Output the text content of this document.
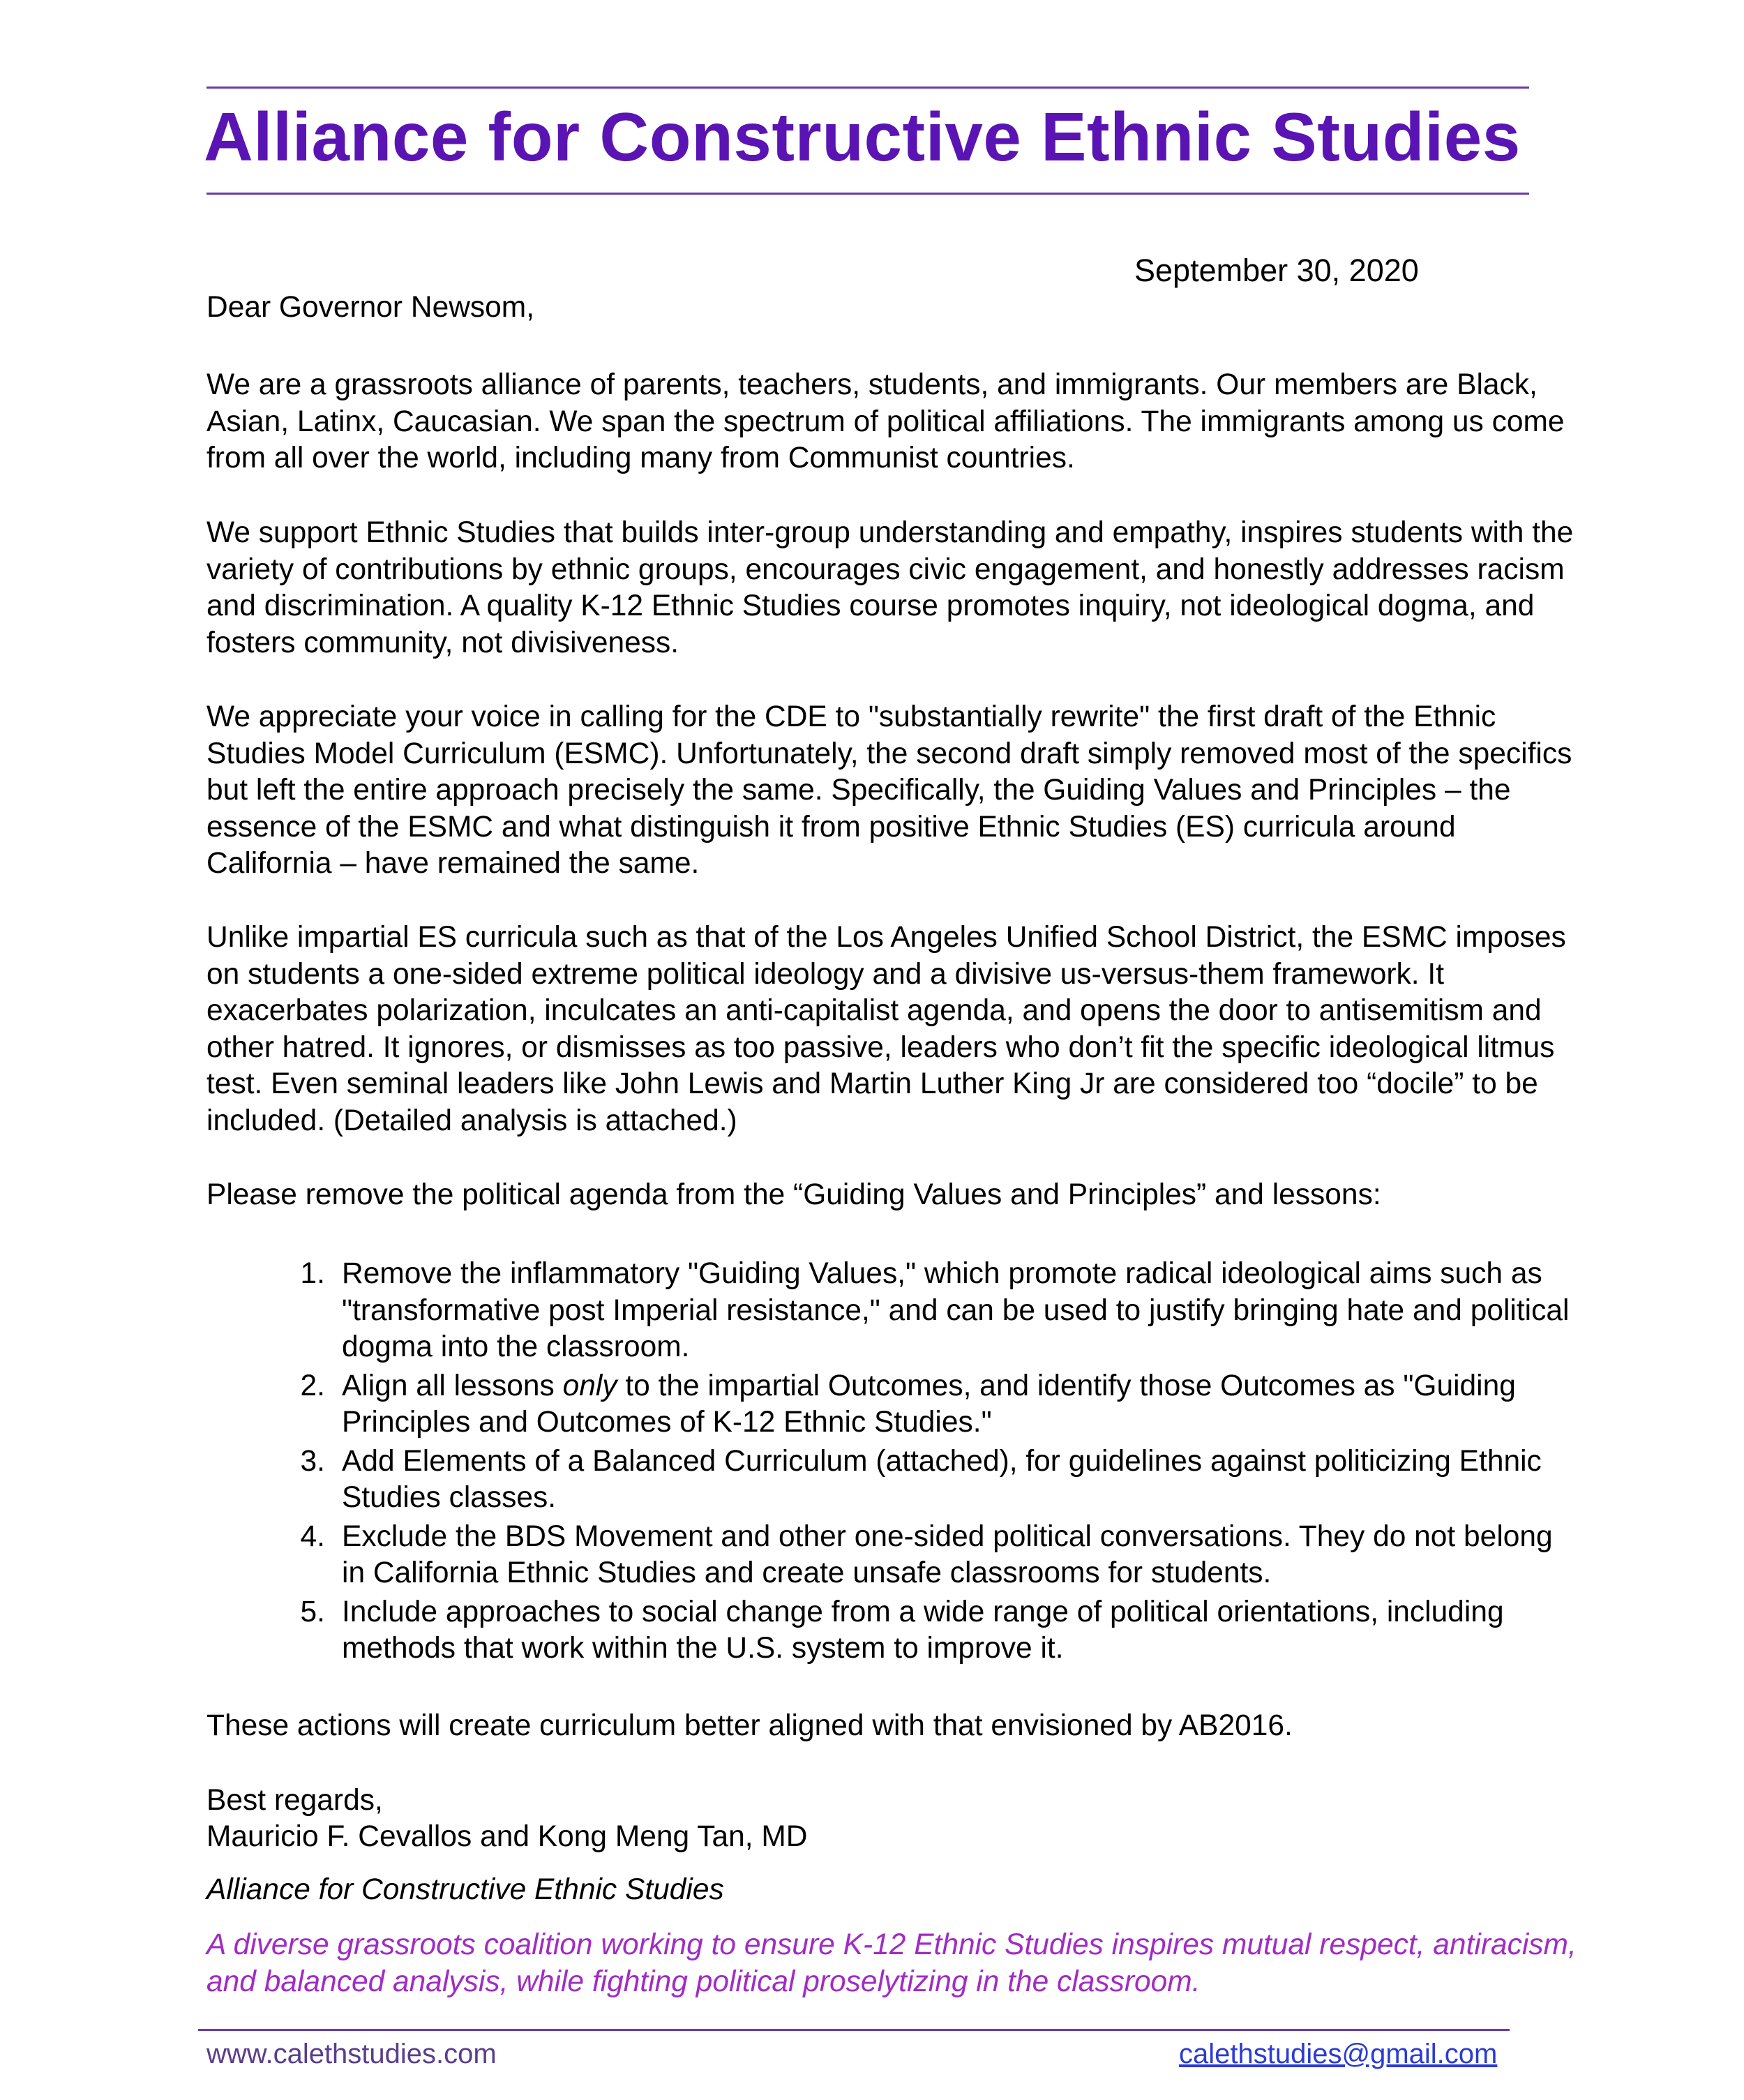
Alliance for Constructive Ethnic Studies
September 30, 2020

Dear Governor Newsom,

We are a grassroots alliance of parents, teachers, students, and immigrants. Our members are Black, Asian, Latinx, Caucasian. We span the spectrum of political affiliations. The immigrants among us come from all over the world, including many from Communist countries.

We support Ethnic Studies that builds inter-group understanding and empathy, inspires students with the variety of contributions by ethnic groups, encourages civic engagement, and honestly addresses racism and discrimination. A quality K-12 Ethnic Studies course promotes inquiry, not ideological dogma, and fosters community, not divisiveness.

We appreciate your voice in calling for the CDE to "substantially rewrite" the first draft of the Ethnic Studies Model Curriculum (ESMC). Unfortunately, the second draft simply removed most of the specifics but left the entire approach precisely the same. Specifically, the Guiding Values and Principles – the essence of the ESMC and what distinguish it from positive Ethnic Studies (ES) curricula around California – have remained the same.

Unlike impartial ES curricula such as that of the Los Angeles Unified School District, the ESMC imposes on students a one-sided extreme political ideology and a divisive us-versus-them framework. It exacerbates polarization, inculcates an anti-capitalist agenda, and opens the door to antisemitism and other hatred. It ignores, or dismisses as too passive, leaders who don’t fit the specific ideological litmus test. Even seminal leaders like John Lewis and Martin Luther King Jr are considered too “docile” to be included. (Detailed analysis is attached.)

Please remove the political agenda from the “Guiding Values and Principles” and lessons:

1. Remove the inflammatory "Guiding Values," which promote radical ideological aims such as "transformative post Imperial resistance," and can be used to justify bringing hate and political dogma into the classroom.
2. Align all lessons only to the impartial Outcomes, and identify those Outcomes as "Guiding Principles and Outcomes of K-12 Ethnic Studies."
3. Add Elements of a Balanced Curriculum (attached), for guidelines against politicizing Ethnic Studies classes.
4. Exclude the BDS Movement and other one-sided political conversations. They do not belong in California Ethnic Studies and create unsafe classrooms for students.
5. Include approaches to social change from a wide range of political orientations, including methods that work within the U.S. system to improve it.

These actions will create curriculum better aligned with that envisioned by AB2016.

Best regards,

Mauricio F. Cevallos and Kong Meng Tan, MD

Alliance for Constructive Ethnic Studies

A diverse grassroots coalition working to ensure K-12 Ethnic Studies inspires mutual respect, antiracism, and balanced analysis, while fighting political proselytizing in the classroom.

www.calethstudies.com	calethstudies@gmail.com
